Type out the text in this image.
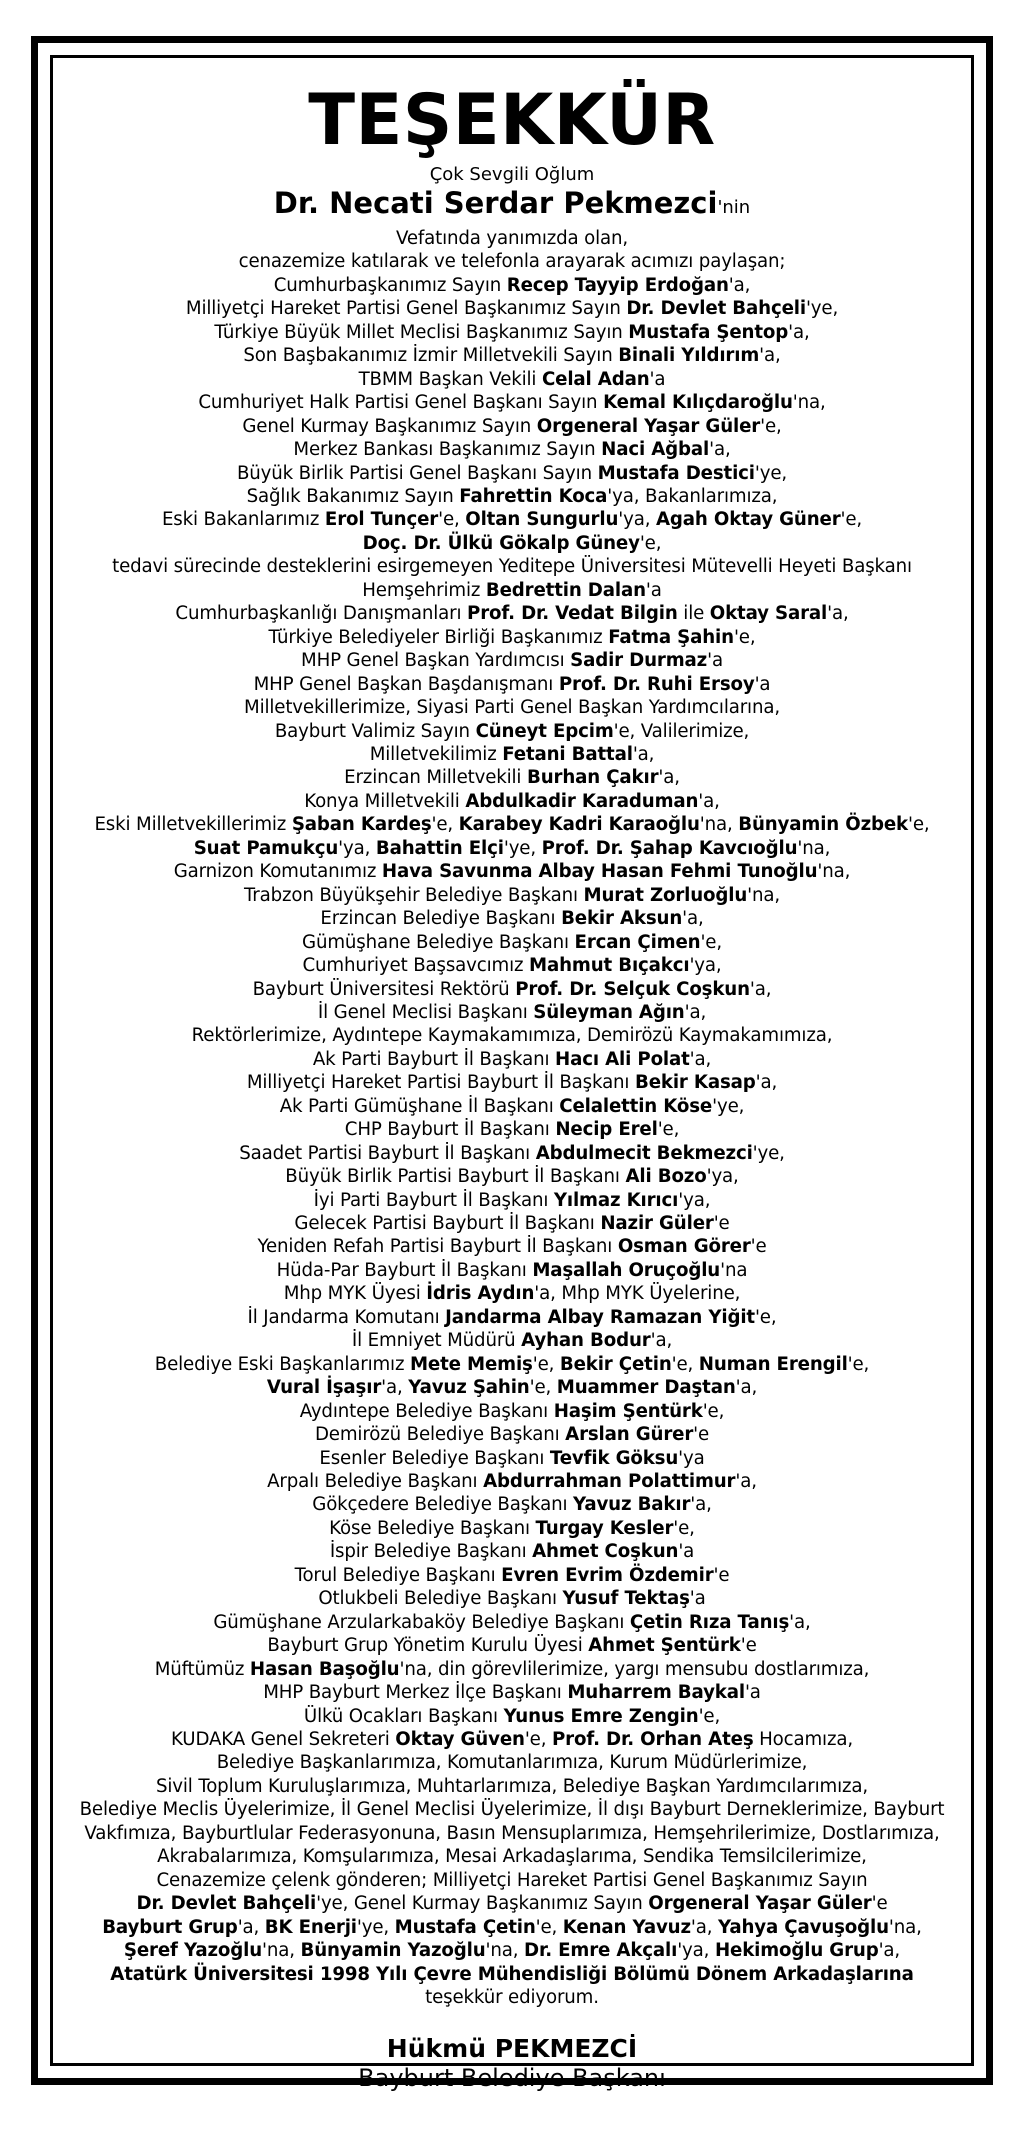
TEŞEKKÜR
Çok Sevgili Oğlum
Dr. Necati Serdar Pekmezci'nin
Vefatında yanımızda olan,
cenazemize katılarak ve telefonla arayarak acımızı paylaşan;
Cumhurbaşkanımız Sayın Recep Tayyip Erdoğan'a,
Milliyetçi Hareket Partisi Genel Başkanımız Sayın Dr. Devlet Bahçeli'ye,
Türkiye Büyük Millet Meclisi Başkanımız Sayın Mustafa Şentop'a,
Son Başbakanımız İzmir Milletvekili Sayın Binali Yıldırım'a,
TBMM Başkan Vekili Celal Adan'a
Cumhuriyet Halk Partisi Genel Başkanı Sayın Kemal Kılıçdaroğlu'na,
Genel Kurmay Başkanımız Sayın Orgeneral Yaşar Güler'e,
Merkez Bankası Başkanımız Sayın Naci Ağbal'a,
Büyük Birlik Partisi Genel Başkanı Sayın Mustafa Destici'ye,
Sağlık Bakanımız Sayın Fahrettin Koca'ya, Bakanlarımıza,
Eski Bakanlarımız Erol Tunçer'e, Oltan Sungurlu'ya, Agah Oktay Güner'e,
Doç. Dr. Ülkü Gökalp Güney'e,
tedavi sürecinde desteklerini esirgemeyen Yeditepe Üniversitesi Mütevelli Heyeti Başkanı
Hemşehrimiz Bedrettin Dalan'a
Cumhurbaşkanlığı Danışmanları Prof. Dr. Vedat Bilgin ile Oktay Saral'a,
Türkiye Belediyeler Birliği Başkanımız Fatma Şahin'e,
MHP Genel Başkan Yardımcısı Sadir Durmaz'a
MHP Genel Başkan Başdanışmanı Prof. Dr. Ruhi Ersoy'a
Milletvekillerimize, Siyasi Parti Genel Başkan Yardımcılarına,
Bayburt Valimiz Sayın Cüneyt Epcim'e, Valilerimize,
Milletvekilimiz Fetani Battal'a,
Erzincan Milletvekili Burhan Çakır'a,
Konya Milletvekili Abdulkadir Karaduman'a,
Eski Milletvekillerimiz Şaban Kardeş'e, Karabey Kadri Karaoğlu'na, Bünyamin Özbek'e,
Suat Pamukçu'ya, Bahattin Elçi'ye, Prof. Dr. Şahap Kavcıoğlu'na,
Garnizon Komutanımız Hava Savunma Albay Hasan Fehmi Tunoğlu'na,
Trabzon Büyükşehir Belediye Başkanı Murat Zorluoğlu'na,
Erzincan Belediye Başkanı Bekir Aksun'a,
Gümüşhane Belediye Başkanı Ercan Çimen'e,
Cumhuriyet Başsavcımız Mahmut Bıçakcı'ya,
Bayburt Üniversitesi Rektörü Prof. Dr. Selçuk Coşkun'a,
İl Genel Meclisi Başkanı Süleyman Ağın'a,
Rektörlerimize, Aydıntepe Kaymakamımıza, Demirözü Kaymakamımıza,
Ak Parti Bayburt İl Başkanı Hacı Ali Polat'a,
Milliyetçi Hareket Partisi Bayburt İl Başkanı Bekir Kasap'a,
Ak Parti Gümüşhane İl Başkanı Celalettin Köse'ye,
CHP Bayburt İl Başkanı Necip Erel'e,
Saadet Partisi Bayburt İl Başkanı Abdulmecit Bekmezci'ye,
Büyük Birlik Partisi Bayburt İl Başkanı Ali Bozo'ya,
İyi Parti Bayburt İl Başkanı Yılmaz Kırıcı'ya,
Gelecek Partisi Bayburt İl Başkanı Nazir Güler'e
Yeniden Refah Partisi Bayburt İl Başkanı Osman Görer'e
Hüda-Par Bayburt İl Başkanı Maşallah Oruçoğlu'na
Mhp MYK Üyesi İdris Aydın'a, Mhp MYK Üyelerine,
İl Jandarma Komutanı Jandarma Albay Ramazan Yiğit'e,
İl Emniyet Müdürü Ayhan Bodur'a,
Belediye Eski Başkanlarımız Mete Memiş'e, Bekir Çetin'e, Numan Erengil'e,
Vural İşaşır'a, Yavuz Şahin'e, Muammer Daştan'a,
Aydıntepe Belediye Başkanı Haşim Şentürk'e,
Demirözü Belediye Başkanı Arslan Gürer'e
Esenler Belediye Başkanı Tevfik Göksu'ya
Arpalı Belediye Başkanı Abdurrahman Polattimur'a,
Gökçedere Belediye Başkanı Yavuz Bakır'a,
Köse Belediye Başkanı Turgay Kesler'e,
İspir Belediye Başkanı Ahmet Coşkun'a
Torul Belediye Başkanı Evren Evrim Özdemir'e
Otlukbeli Belediye Başkanı Yusuf Tektaş'a
Gümüşhane Arzularkabaköy Belediye Başkanı Çetin Rıza Tanış'a,
Bayburt Grup Yönetim Kurulu Üyesi Ahmet Şentürk'e
Müftümüz Hasan Başoğlu'na, din görevlilerimize, yargı mensubu dostlarımıza,
MHP Bayburt Merkez İlçe Başkanı Muharrem Baykal'a
Ülkü Ocakları Başkanı Yunus Emre Zengin'e,
KUDAKA Genel Sekreteri Oktay Güven'e, Prof. Dr. Orhan Ateş Hocamıza,
Belediye Başkanlarımıza, Komutanlarımıza, Kurum Müdürlerimize,
Sivil Toplum Kuruluşlarımıza, Muhtarlarımıza, Belediye Başkan Yardımcılarımıza,
Belediye Meclis Üyelerimize, İl Genel Meclisi Üyelerimize, İl dışı Bayburt Derneklerimize, Bayburt
Vakfımıza, Bayburtlular Federasyonuna, Basın Mensuplarımıza, Hemşehrilerimize, Dostlarımıza,
Akrabalarımıza, Komşularımıza, Mesai Arkadaşlarıma, Sendika Temsilcilerimize,
Cenazemize çelenk gönderen; Milliyetçi Hareket Partisi Genel Başkanımız Sayın
Dr. Devlet Bahçeli'ye, Genel Kurmay Başkanımız Sayın Orgeneral Yaşar Güler'e
Bayburt Grup'a, BK Enerji'ye, Mustafa Çetin'e, Kenan Yavuz'a, Yahya Çavuşoğlu'na,
Şeref Yazoğlu'na, Bünyamin Yazoğlu'na, Dr. Emre Akçalı'ya, Hekimoğlu Grup'a,
Atatürk Üniversitesi 1998 Yılı Çevre Mühendisliği Bölümü Dönem Arkadaşlarına
teşekkür ediyorum.
Hükmü PEKMEZCİ
Bayburt Belediye Başkanı
